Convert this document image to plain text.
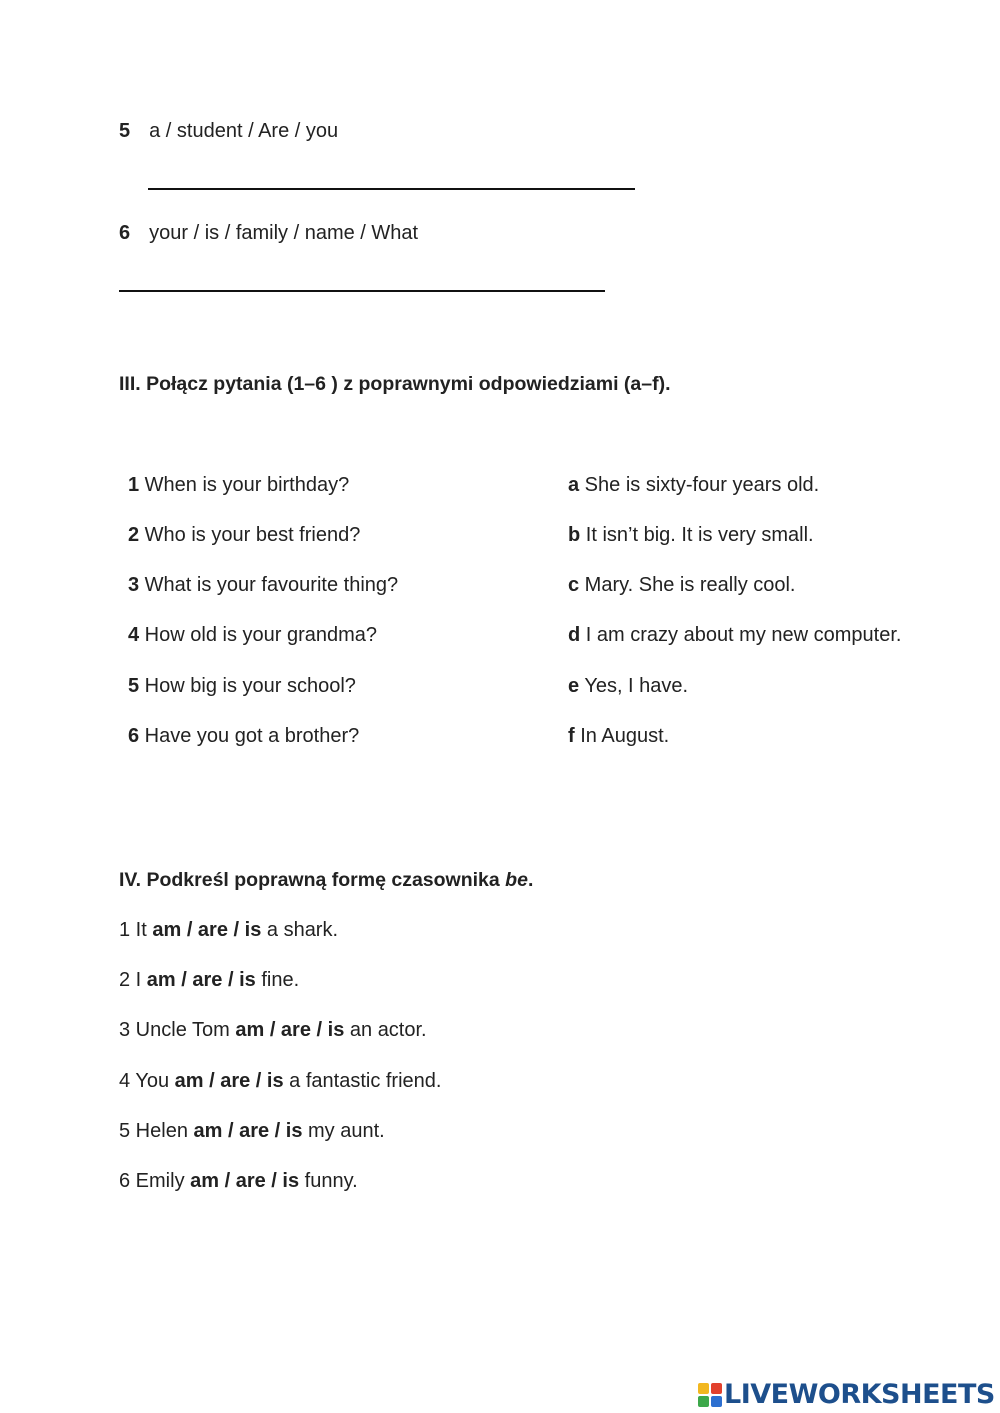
5 a / student / Are / you
6 your / is / family / name / What
III. Połącz pytania (1–6 ) z poprawnymi odpowiedziami (a–f).
1 When is your birthday?
2 Who is your best friend?
3 What is your favourite thing?
4 How old is your grandma?
5 How big is your school?
6 Have you got a brother?
a She is sixty-four years old.
b It isn’t big. It is very small.
c Mary. She is really cool.
d I am crazy about my new computer.
e Yes, I have.
f In August.
IV. Podkreśl poprawną formę czasownika be.
1 It am / are / is a shark.
2 I am / are / is fine.
3 Uncle Tom am / are / is an actor.
4 You am / are / is a fantastic friend.
5 Helen am / are / is my aunt.
6 Emily am / are / is funny.
LIVEWORKSHEETS
